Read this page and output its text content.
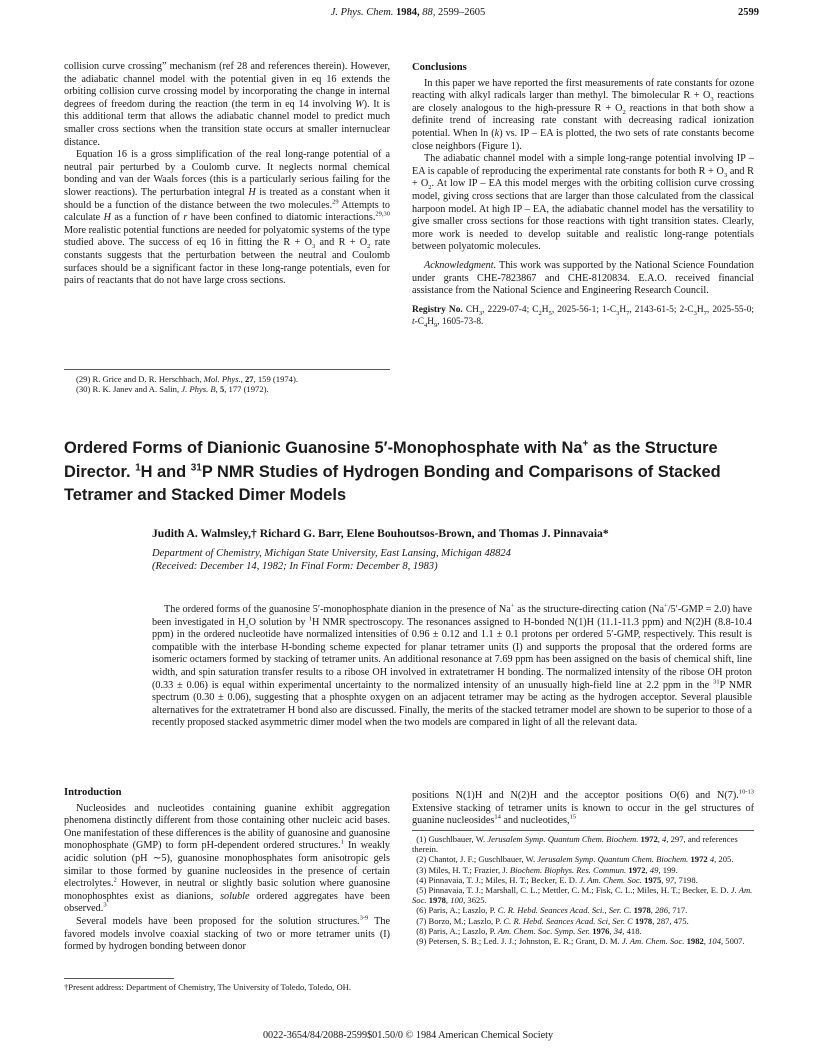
J. Phys. Chem. 1984, 88, 2599–2605	2599

collision curve crossing” mechanism (ref 28 and references therein). However, the adiabatic channel model with the potential given in eq 16 extends the orbiting collision curve crossing model by incorporating the change in internal degrees of freedom during the reaction (the term in eq 14 involving W). It is this additional term that allows the adiabatic channel model to predict much smaller cross sections when the transition state occurs at smaller internuclear distance.

Equation 16 is a gross simplification of the real long-range potential of a neutral pair perturbed by a Coulomb curve. It neglects normal chemical bonding and van der Waals forces (this is a particularly serious failing for the slower reactions). The perturbation integral H is treated as a constant when it should be a function of the distance between the two molecules.$^{29}$ Attempts to calculate H as a function of r have been confined to diatomic interactions.$^{29,30}$ More realistic potential functions are needed for polyatomic systems of the type studied above. The success of eq 16 in fitting the $R + O_3$ and $R + O_2$ rate constants suggests that the perturbation between the neutral and Coulomb surfaces should be a significant factor in these long-range potentials, even for pairs of reactants that do not have large cross sections.

(29) R. Grice and D. R. Herschbach, Mol. Phys., 27, 159 (1974).
(30) R. K. Janev and A. Salin, J. Phys. B, 5, 177 (1972).
Conclusions

In this paper we have reported the first measurements of rate constants for ozone reacting with alkyl radicals larger than methyl. The bimolecular $R + O_3$ reactions are closely analogous to the high-pressure $R + O_2$ reactions in that both show a definite trend of increasing rate constant with decreasing radical ionization potential. When ln (k) vs. IP – EA is plotted, the two sets of rate constants become close neighbors (Figure 1).

The adiabatic channel model with a simple long-range potential involving IP – EA is capable of reproducing the experimental rate constants for both $R + O_3$ and $R + O_2$. At low IP – EA this model merges with the orbiting collision curve crossing model, giving cross sections that are larger than those calculated from the classical harpoon model. At high IP – EA, the adiabatic channel model has the versatility to give smaller cross sections for those reactions with tight transition states. Clearly, more work is needed to develop suitable and realistic long-range potentials between polyatomic molecules.

Acknowledgment. This work was supported by the National Science Foundation under grants CHE-7823867 and CHE-8120834. E.A.O. received financial assistance from the National Science and Engineering Research Council.

Registry No. $CH_3$, 2229-07-4; $C_2H_5$, 2025-56-1; $1-C_3H_7$, 2143-61-5; $2-C_3H_7$, 2025-55-0; $t-C_4H_9$, 1605-73-8.

Ordered Forms of Dianionic Guanosine 5′-Monophosphate with Na+ as the Structure
Director. $^1$H and $^{31}$P NMR Studies of Hydrogen Bonding and Comparisons of Stacked
Tetramer and Stacked Dimer Models
Judith A. Walmsley,† Richard G. Barr, Elene Bouhoutsos-Brown, and Thomas J. Pinnavaia*
Department of Chemistry, Michigan State University, East Lansing, Michigan 48824
(Received: December 14, 1982; In Final Form: December 8, 1983)
The ordered forms of the guanosine 5′-monophosphate dianion in the presence of Na+ as the structure-directing cation (Na+/5′-GMP = 2.0) have been investigated in $H_2O$ solution by $^1$H NMR spectroscopy. The resonances assigned to H-bonded N(1)H (11.1-11.3 ppm) and N(2)H (8.8-10.4 ppm) in the ordered nucleotide have normalized intensities of 0.96 ± 0.12 and 1.1 ± 0.1 protons per ordered 5′-GMP, respectively. This result is compatible with the interbase H-bonding scheme expected for planar tetramer units (I) and supports the proposal that the ordered forms are isomeric octamers formed by stacking of tetramer units. An additional resonance at 7.69 ppm has been assigned on the basis of chemical shift, line width, and spin saturation transfer results to a ribose OH involved in extratetramer H bonding. The normalized intensity of the ribose OH proton (0.33 ± 0.06) is equal within experimental uncertainty to the normalized intensity of an unusually high-field line at 2.2 ppm in the $^{31}$P NMR spectrum (0.30 ± 0.06), suggesting that a phosphte oxygen on an adjacent tetramer may be acting as the hydrogen acceptor. Several plausible alternatives for the extratetramer H bond also are discussed. Finally, the merits of the stacked tetramer model are shown to be superior to those of a recently proposed stacked asymmetric dimer model when the two models are compared in light of all the relevant data.
Introduction

Nucleosides and nucleotides containing guanine exhibit aggregation phenomena distinctly different from those containing other nucleic acid bases. One manifestation of these differences is the ability of guanosine and guanosine monophosphate (GMP) to form pH-dependent ordered structures.$^1$ In weakly acidic solution (pH ∼5), guanosine monophosphates form anisotropic gels similar to those formed by guanine nucleosides in the presence of certain electrolytes.$^2$ However, in neutral or slightly basic solution where guanosine monophosphtes exist as dianions, soluble ordered aggregates have been observed.$^3$

Several models have been proposed for the solution structures.$^{3-9}$ The favored models involve coaxial stacking of two or more tetramer units (I) formed by hydrogen bonding between donor

†Present address: Department of Chemistry, The University of Toledo, Toledo, OH.

positions N(1)H and N(2)H and the acceptor positions O(6) and N(7).$^{10-13}$ Extensive stacking of tetramer units is known to occur in the gel structures of guanine nucleosides$^{14}$ and nucleotides,$^{15}$

(1) Guschlbauer, W. Jerusalem Symp. Quantum Chem. Biochem. 1972, 4, 297, and references therein.
(2) Chantot, J. F.; Guschlbauer, W. Jerusalem Symp. Quantum Chem. Biochem. 1972 4, 205.
(3) Miles, H. T.; Frazier, J. Biochem. Biophys. Res. Commun. 1972, 49, 199.
(4) Pinnavaia, T. J.; Miles, H. T.; Becker, E. D. J. Am. Chem. Soc. 1975, 97, 7198.
(5) Pinnavaia, T. J.; Marshall, C. L.; Mettler, C. M.; Fisk, C. L.; Miles, H. T.; Becker, E. D. J. Am. Soc. 1978, 100, 3625.
(6) Paris, A.; Laszlo, P. C. R. Hebd. Seances Acad. Sci., Ser. C. 1978, 286, 717.
(7) Borzo, M.; Laszlo, P. C. R. Hebd. Seances Acad. Sci, Ser. C 1978, 287, 475.
(8) Paris, A.; Laszlo, P. Am. Chem. Soc. Symp. Ser. 1976, 34, 418.
(9) Petersen, S. B.; Led. J. J.; Johnston, E. R.; Grant, D. M. J. Am. Chem. Soc. 1982, 104, 5007.
0022-3654/84/2088-2599$01.50/0 © 1984 American Chemical Society
